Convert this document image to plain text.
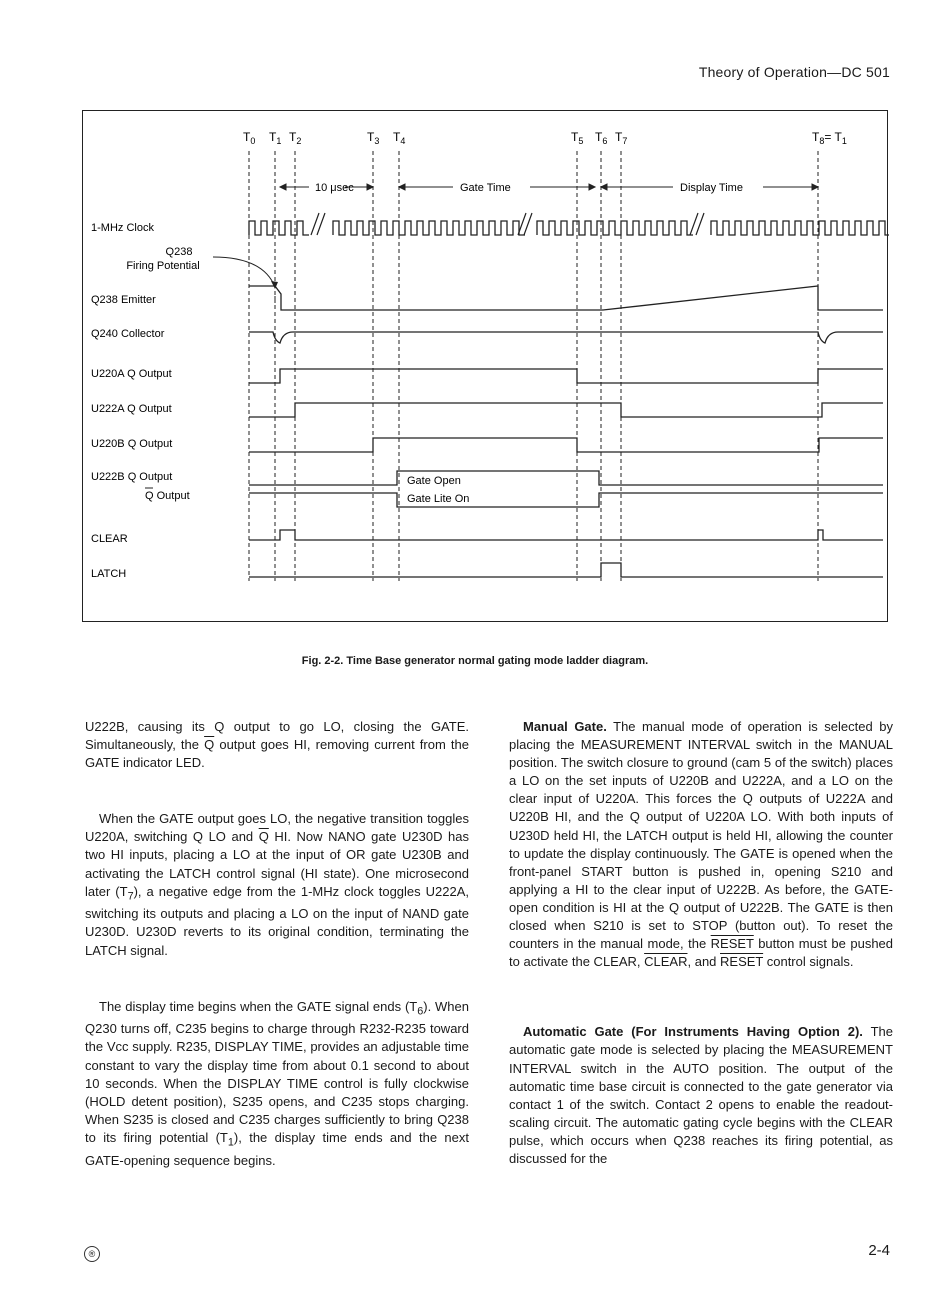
Theory of Operation—DC 501
$T_0$ $T_1$ $T_2$	$T_3$ $T_4$	$T_5$ $T_6$ $T_7$	$T_8= T_1$
10 μsec	Gate Time	Display Time
1-MHz Clock
Q238
Firing Potential
Q238 Emitter
Q240 Collector
U220A Q Output
U222A Q Output
U220B Q Output
U222B Q Output
Q Output
CLEAR
LATCH
Gate Open
Gate Lite On
Fig. 2-2. Time Base generator normal gating mode ladder diagram.

U222B, causing its Q output to go LO, closing the GATE. Simultaneously, the $\overline{Q}$ output goes HI, removing current from the GATE indicator LED.

When the GATE output goes LO, the negative transition toggles U220A, switching Q LO and $\overline{Q}$ HI. Now NANO gate U230D has two HI inputs, placing a LO at the input of OR gate U230B and activating the LATCH control signal (HI state). One microsecond later $(T_7)$, a negative edge from the 1-MHz clock toggles U222A, switching its outputs and placing a LO on the input of NAND gate U230D. U230D reverts to its original condition, terminating the LATCH signal.

The display time begins when the GATE signal ends $(T_6)$. When Q230 turns off, C235 begins to charge through R232-R235 toward the Vcc supply. R235, DISPLAY TIME, provides an adjustable time constant to vary the display time from about 0.1 second to about 10 seconds. When the DISPLAY TIME control is fully clockwise (HOLD detent position), S235 opens, and C235 stops charging. When S235 is closed and C235 charges sufficiently to bring Q238 to its firing potential $(T_1)$, the display time ends and the next GATE-opening sequence begins.

Manual Gate. The manual mode of operation is selected by placing the MEASUREMENT INTERVAL switch in the MANUAL position. The switch closure to ground (cam 5 of the switch) places a LO on the set inputs of U220B and U222A, and a LO on the clear input of U220A. This forces the Q outputs of U222A and U220B HI, and the Q output of U220A LO. With both inputs of U230D held HI, the LATCH output is held HI, allowing the counter to update the display continuously. The GATE is opened when the front-panel START button is pushed in, opening S210 and applying a HI to the clear input of U222B. As before, the GATE-open condition is HI at the Q output of U222B. The GATE is then closed when S210 is set to STOP (button out). To reset the counters in the manual mode, the RESET button must be pushed to activate the CLEAR, CLEAR, and RESET control signals.

Automatic Gate (For Instruments Having Option 2). The automatic gate mode is selected by placing the MEASUREMENT INTERVAL switch in the AUTO position. The output of the automatic time base circuit is connected to the gate generator via contact 1 of the switch. Contact 2 opens to enable the readout-scaling circuit. The automatic gating cycle begins with the CLEAR pulse, which occurs when Q238 reaches its firing potential, as discussed for the

®	2-4
